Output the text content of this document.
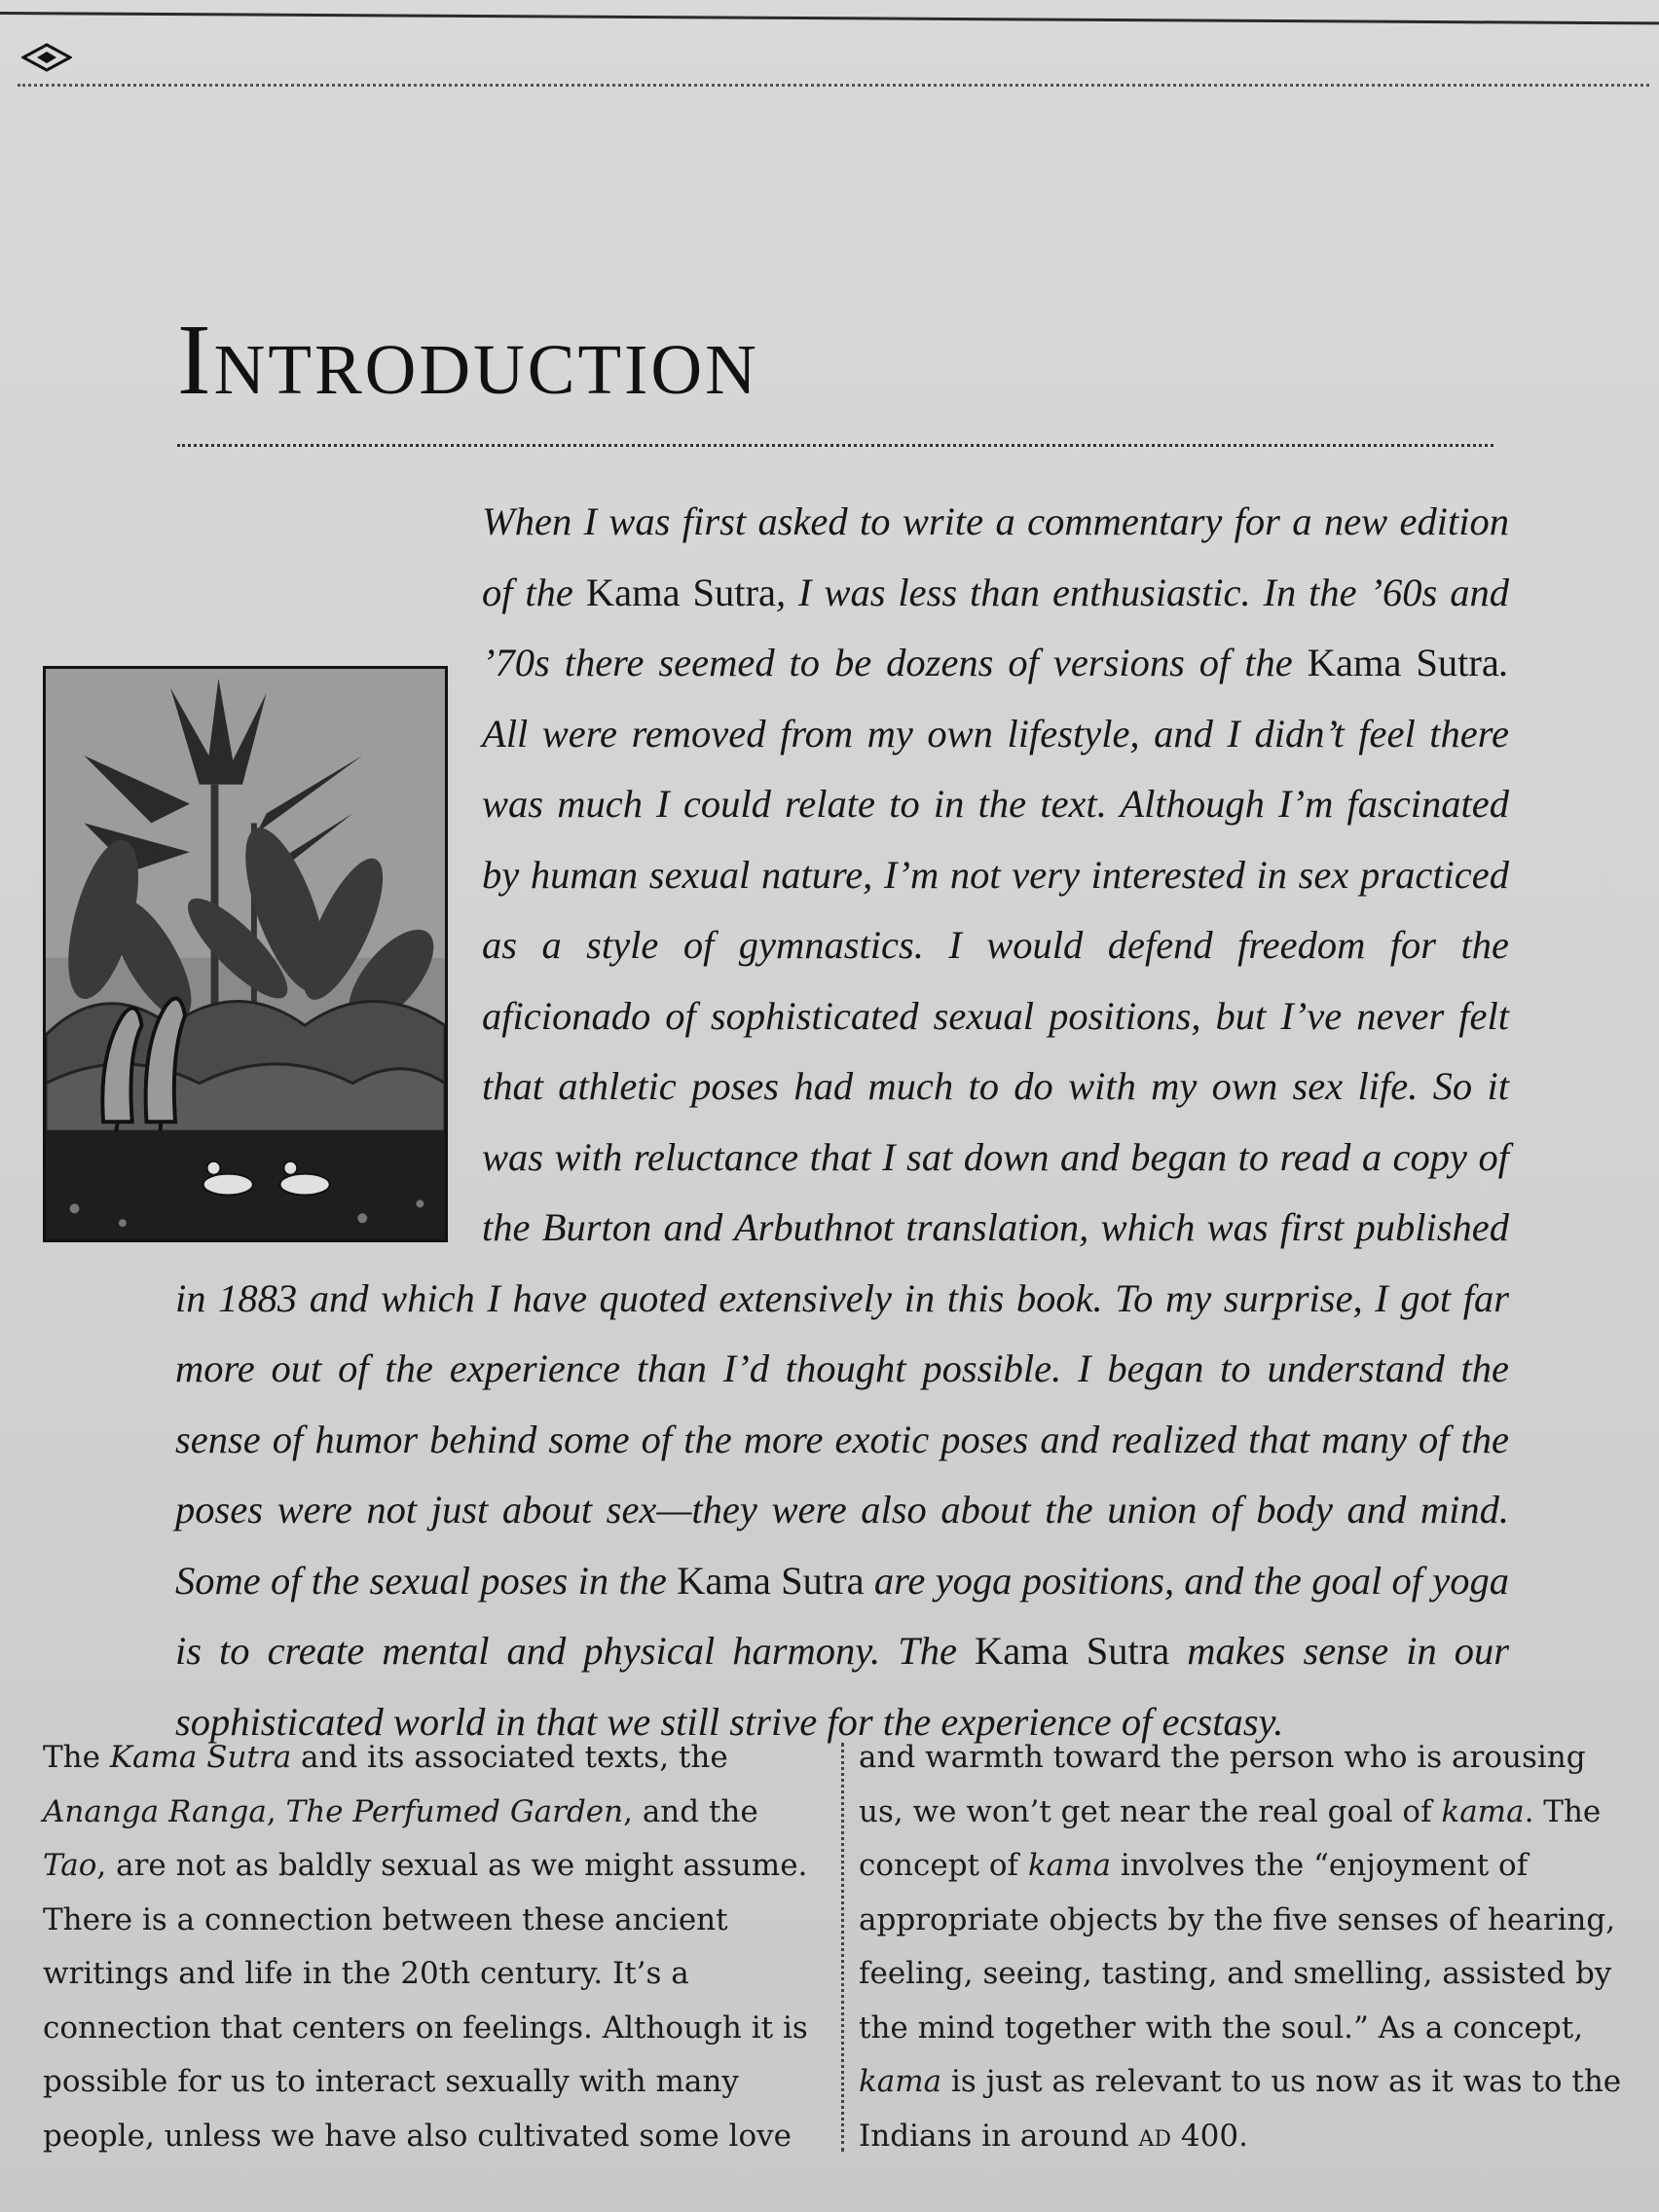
Introduction

When I was first asked to write a commentary for a new edition of the Kama Sutra, I was less than enthusiastic. In the ’60s and ’70s there seemed to be dozens of versions of the Kama Sutra. All were removed from my own lifestyle, and I didn’t feel there was much I could relate to in the text. Although I’m fascinated by human sexual nature, I’m not very interested in sex practiced as a style of gymnastics. I would defend freedom for the aficionado of sophisticated sexual positions, but I’ve never felt that athletic poses had much to do with my own sex life. So it was with reluctance that I sat down and began to read a copy of the Burton and Arbuthnot translation, which was first published in 1883 and which I have quoted extensively in this book. To my surprise, I got far more out of the experience than I’d thought possible. I began to understand the sense of humor behind some of the more exotic poses and realized that many of the poses were not just about sex—they were also about the union of body and mind. Some of the sexual poses in the Kama Sutra are yoga positions, and the goal of yoga is to create mental and physical harmony. The Kama Sutra makes sense in our sophisticated world in that we still strive for the experience of ecstasy.

The Kama Sutra and its associated texts, the Ananga Ranga, The Perfumed Garden, and the Tao, are not as baldly sexual as we might assume. There is a connection between these ancient writings and life in the 20th century. It’s a connection that centers on feelings. Although it is possible for us to interact sexually with many people, unless we have also cultivated some love

and warmth toward the person who is arousing us, we won’t get near the real goal of kama. The concept of kama involves the “enjoyment of appropriate objects by the five senses of hearing, feeling, seeing, tasting, and smelling, assisted by the mind together with the soul.” As a concept, kama is just as relevant to us now as it was to the Indians in around ad 400.
